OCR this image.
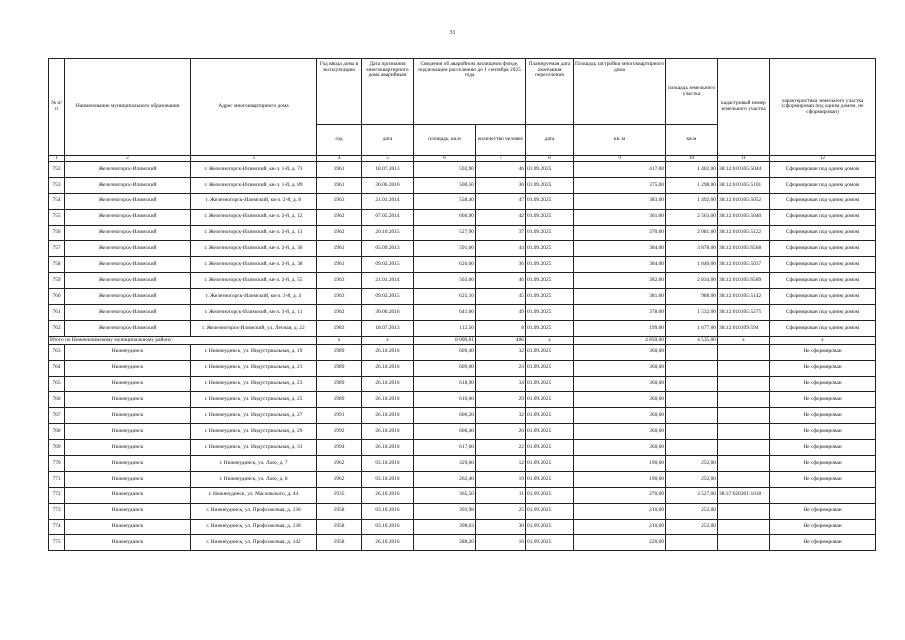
31
№ п/п	Наименование муниципального образования	Адрес многоквартирного дома	Год ввода дома в эксплуатацию	Дата признания многоквартирного дома аварийным	Сведения об аварийном жилищном фонде, подлежащем расселению до 1 сентября 2025 года		Планируемая дата окончания переселения	Площадь застройки многоквартирного дома	площадь земельного участка	кадастровый номер земельного участка	характеристика земельного участка (сформирован под одним домом, не сформирован)
			год	дата	площадь, кв.м	количество человек	дата	кв. м	кв.м		
1	2	3	4	5	6	7	8	9	10	11	12
752	Железногорск-Илимский	г. Железногорск-Илимский, кв-л. 1-й, д. 73	1961	18.07.2013	592,90	46	01.09.2025	417,00	1 402,00	38:12:010105:5044	Сформирован под одним домом
753	Железногорск-Илимский	г. Железногорск-Илимский, кв-л. 1-й, д. 89	1961	30.06.2016	500,50	36	01.09.2025	375,00	1 298,00	38:12:010105:5101	Сформирован под одним домом
754	Железногорск-Илимский	г. Железногорск-Илимский, кв-л. 2-й, д. 8	1963	21.01.2014	558,40	47	01.09.2025	383,00	1 492,00	38:12:010105:5052	Сформирован под одним домом
755	Железногорск-Илимский	г. Железногорск-Илимский, кв-л. 2-й, д. 12	1962	07.05.2014	660,90	42	01.09.2025	361,00	2 563,00	38:12:010105:5040	Сформирован под одним домом
756	Железногорск-Илимский	г. Железногорск-Илимский, кв-л. 2-й, д. 13	1962	20.10.2015	527,90	37	01.09.2025	370,00	2 081,00	38:12:010105:5122	Сформирован под одним домом
757	Железногорск-Илимский	г. Железногорск-Илимский, кв-л. 2-й, д. 36	1961	05.09.2013	591,60	44	01.09.2025	384,00	3 878,00	38:12:010105:6568	Сформирован под одним домом
758	Железногорск-Илимский	г. Железногорск-Илимский, кв-л. 2-й, д. 38	1961	09.02.2015	626,60	36	01.09.2025	384,00	1 846,00	38:12:010105:5037	Сформирован под одним домом
759	Железногорск-Илимский	г. Железногорск-Илимский, кв-л. 2-й, д. 55	1963	21.01.2014	563,00	46	01.09.2025	382,00	2 834,00	38:12:010105:6589	Сформирован под одним домом
760	Железногорск-Илимский	г. Железногорск-Илимский, кв-л. 3-й, д. 4	1963	09.02.2015	625,10	45	01.09.2025	381,00	988,00	38:12:010105:5142	Сформирован под одним домом
761	Железногорск-Илимский	г. Железногорск-Илимский, кв-л. 3-й, д. 11	1962	30.06.2016	641,60	49	01.09.2025	378,00	1 532,00	38:12:010105:5275	Сформирован под одним домом
762	Железногорск-Илимский	г. Железногорск-Илимский, ул. Лесная, д. 22	1983	18.07.2013	112,50	8	01.09.2025	199,00	1 677,00	38:12:010109:594	Сформирован под одним домом
Итого по Нижнеилимскому муниципальному району			x	x	8 009,61	406	x	4 850,00	4 535,00	x	x
763	Нижнеудинск	г. Нижнеудинск, ул. Индустриальная, д. 19	1989	26.10.2016	609,40	32	01.09.2025	360,00			Не сформирован
764	Нижнеудинск	г. Нижнеудинск, ул. Индустриальная, д. 21	1989	26.10.2016	609,00	23	01.09.2025	360,00			Не сформирован
765	Нижнеудинск	г. Нижнеудинск, ул. Индустриальная, д. 23	1989	26.10.2016	618,90	34	01.09.2025	360,00			Не сформирован
766	Нижнеудинск	г. Нижнеудинск, ул. Индустриальная, д. 25	1989	26.10.2016	610,00	29	01.09.2025	360,00			Не сформирован
767	Нижнеудинск	г. Нижнеудинск, ул. Индустриальная, д. 27	1991	26.10.2016	606,20	32	01.09.2025	360,00			Не сформирован
768	Нижнеудинск	г. Нижнеудинск, ул. Индустриальная, д. 29	1992	26.10.2016	606,40	26	01.09.2025	360,00			Не сформирован
769	Нижнеудинск	г. Нижнеудинск, ул. Индустриальная, д. 31	1994	26.10.2016	617,60	22	01.09.2025	360,00			Не сформирован
770	Нижнеудинск	г. Нижнеудинск, ул. Лазо, д. 7	1962	03.10.2016	329,60	12	01.09.2025	190,00	252,00		Не сформирован
771	Нижнеудинск	г. Нижнеудинск, ул. Лазо, д. 8	1962	03.10.2016	262,40	19	01.09.2025	190,00	252,00		Не сформирован
772	Нижнеудинск	г. Нижнеудинск, ул. Масловского, д. 44	1935	26.10.2016	365,50	11	01.09.2025	270,00	3 527,00	38:37:020301:1018	
773	Нижнеудинск	г. Нижнеудинск, ул. Профсоюзная, д. 136	1958	03.10.2016	393,98	25	01.09.2025	210,00	252,00		Не сформирован
774	Нижнеудинск	г. Нижнеудинск, ул. Профсоюзная, д. 138	1958	03.10.2016	398,63	30	01.09.2025	210,00	252,00		Не сформирован
775	Нижнеудинск	г. Нижнеудинск, ул. Профсоюзная, д. 142	1958	26.10.2016	288,20	16	01.09.2025	220,00			Не сформирован
